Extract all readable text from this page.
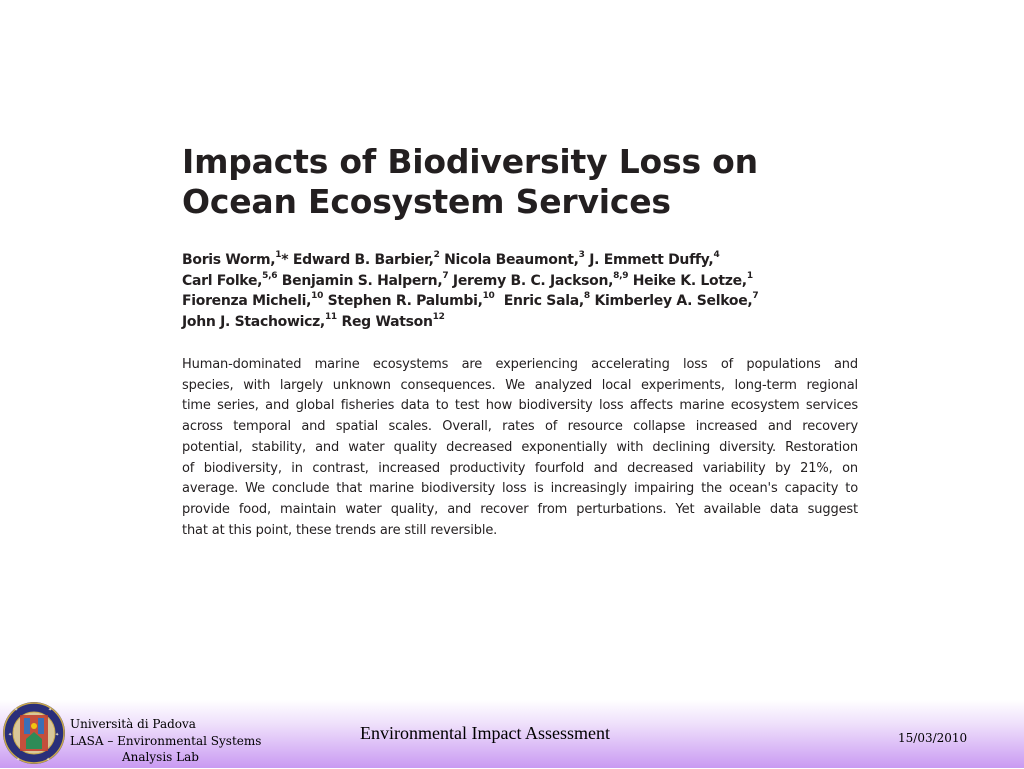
Impacts of Biodiversity Loss on
Ocean Ecosystem Services
Boris Worm,$^1$* Edward B. Barbier,$^2$ Nicola Beaumont,$^3$ J. Emmett Duffy,$^4$
Carl Folke,$^{5,6}$ Benjamin S. Halpern,$^7$ Jeremy B. C. Jackson,$^{8,9}$ Heike K. Lotze,$^1$
Fiorenza Micheli,$^{10}$ Stephen R. Palumbi,$^{10}$ Enric Sala,$^8$ Kimberley A. Selkoe,$^7$
John J. Stachowicz,$^{11}$ Reg Watson$^{12}$
Human-dominated marine ecosystems are experiencing accelerating loss of populations and
species, with largely unknown consequences. We analyzed local experiments, long-term regional
time series, and global fisheries data to test how biodiversity loss affects marine ecosystem services
across temporal and spatial scales. Overall, rates of resource collapse increased and recovery
potential, stability, and water quality decreased exponentially with declining diversity. Restoration
of biodiversity, in contrast, increased productivity fourfold and decreased variability by 21%, on
average. We conclude that marine biodiversity loss is increasingly impairing the ocean's capacity to
provide food, maintain water quality, and recover from perturbations. Yet available data suggest
that at this point, these trends are still reversible.
✦	✦
✦	✦
✦	✦
Università di Padova
LASA – Environmental Systems
Analysis Lab
Environmental Impact Assessment	15/03/2010
